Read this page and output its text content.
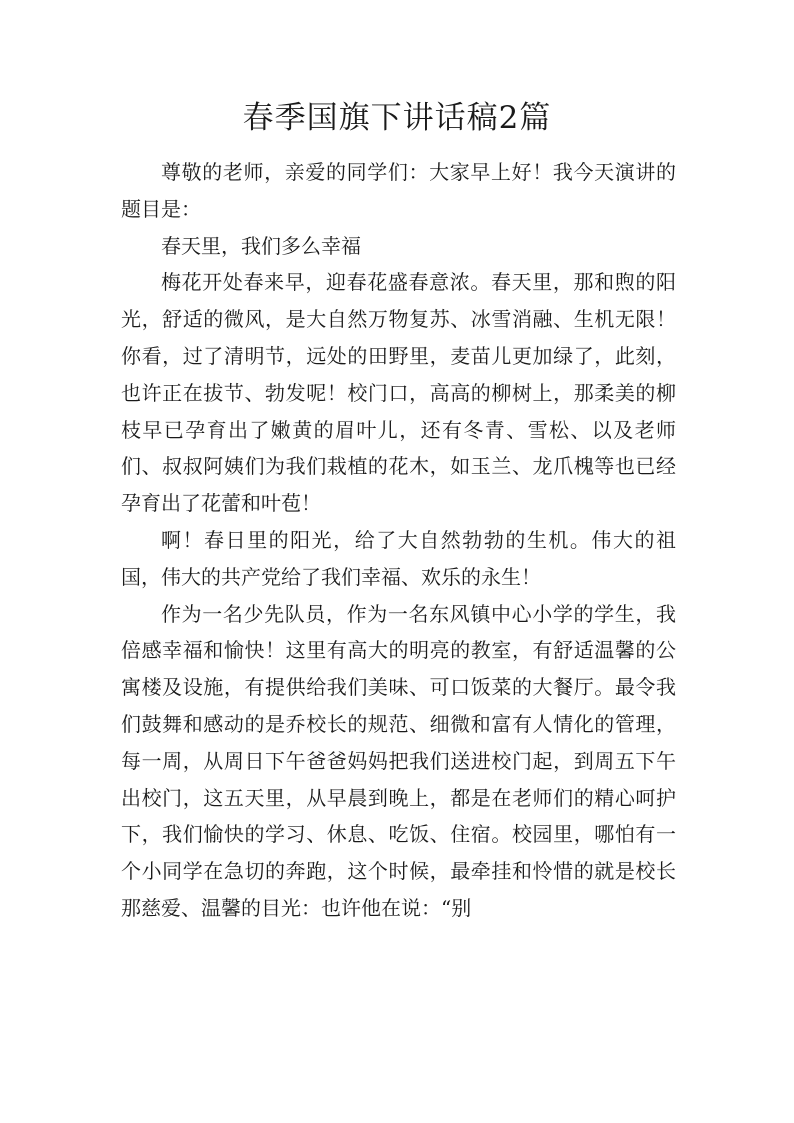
春季国旗下讲话稿2篇

尊敬的老师，亲爱的同学们：大家早上好！我今天演讲的题目是：

春天里，我们多么幸福

梅花开处春来早，迎春花盛春意浓。春天里，那和煦的阳光，舒适的微风，是大自然万物复苏、冰雪消融、生机无限！你看，过了清明节，远处的田野里，麦苗儿更加绿了，此刻，也许正在拔节、勃发呢！校门口，高高的柳树上，那柔美的柳枝早已孕育出了嫩黄的眉叶儿，还有冬青、雪松、以及老师们、叔叔阿姨们为我们栽植的花木，如玉兰、龙爪槐等也已经孕育出了花蕾和叶苞！

啊！春日里的阳光，给了大自然勃勃的生机。伟大的祖国，伟大的共产党给了我们幸福、欢乐的永生！

作为一名少先队员，作为一名东风镇中心小学的学生，我倍感幸福和愉快！这里有高大的明亮的教室，有舒适温馨的公寓楼及设施，有提供给我们美味、可口饭菜的大餐厅。最令我们鼓舞和感动的是乔校长的规范、细微和富有人情化的管理，每一周，从周日下午爸爸妈妈把我们送进校门起，到周五下午出校门，这五天里，从早晨到晚上，都是在老师们的精心呵护下，我们愉快的学习、休息、吃饭、住宿。校园里，哪怕有一个小同学在急切的奔跑，这个时候，最牵挂和怜惜的就是校长那慈爱、温馨的目光：也许他在说：“别
